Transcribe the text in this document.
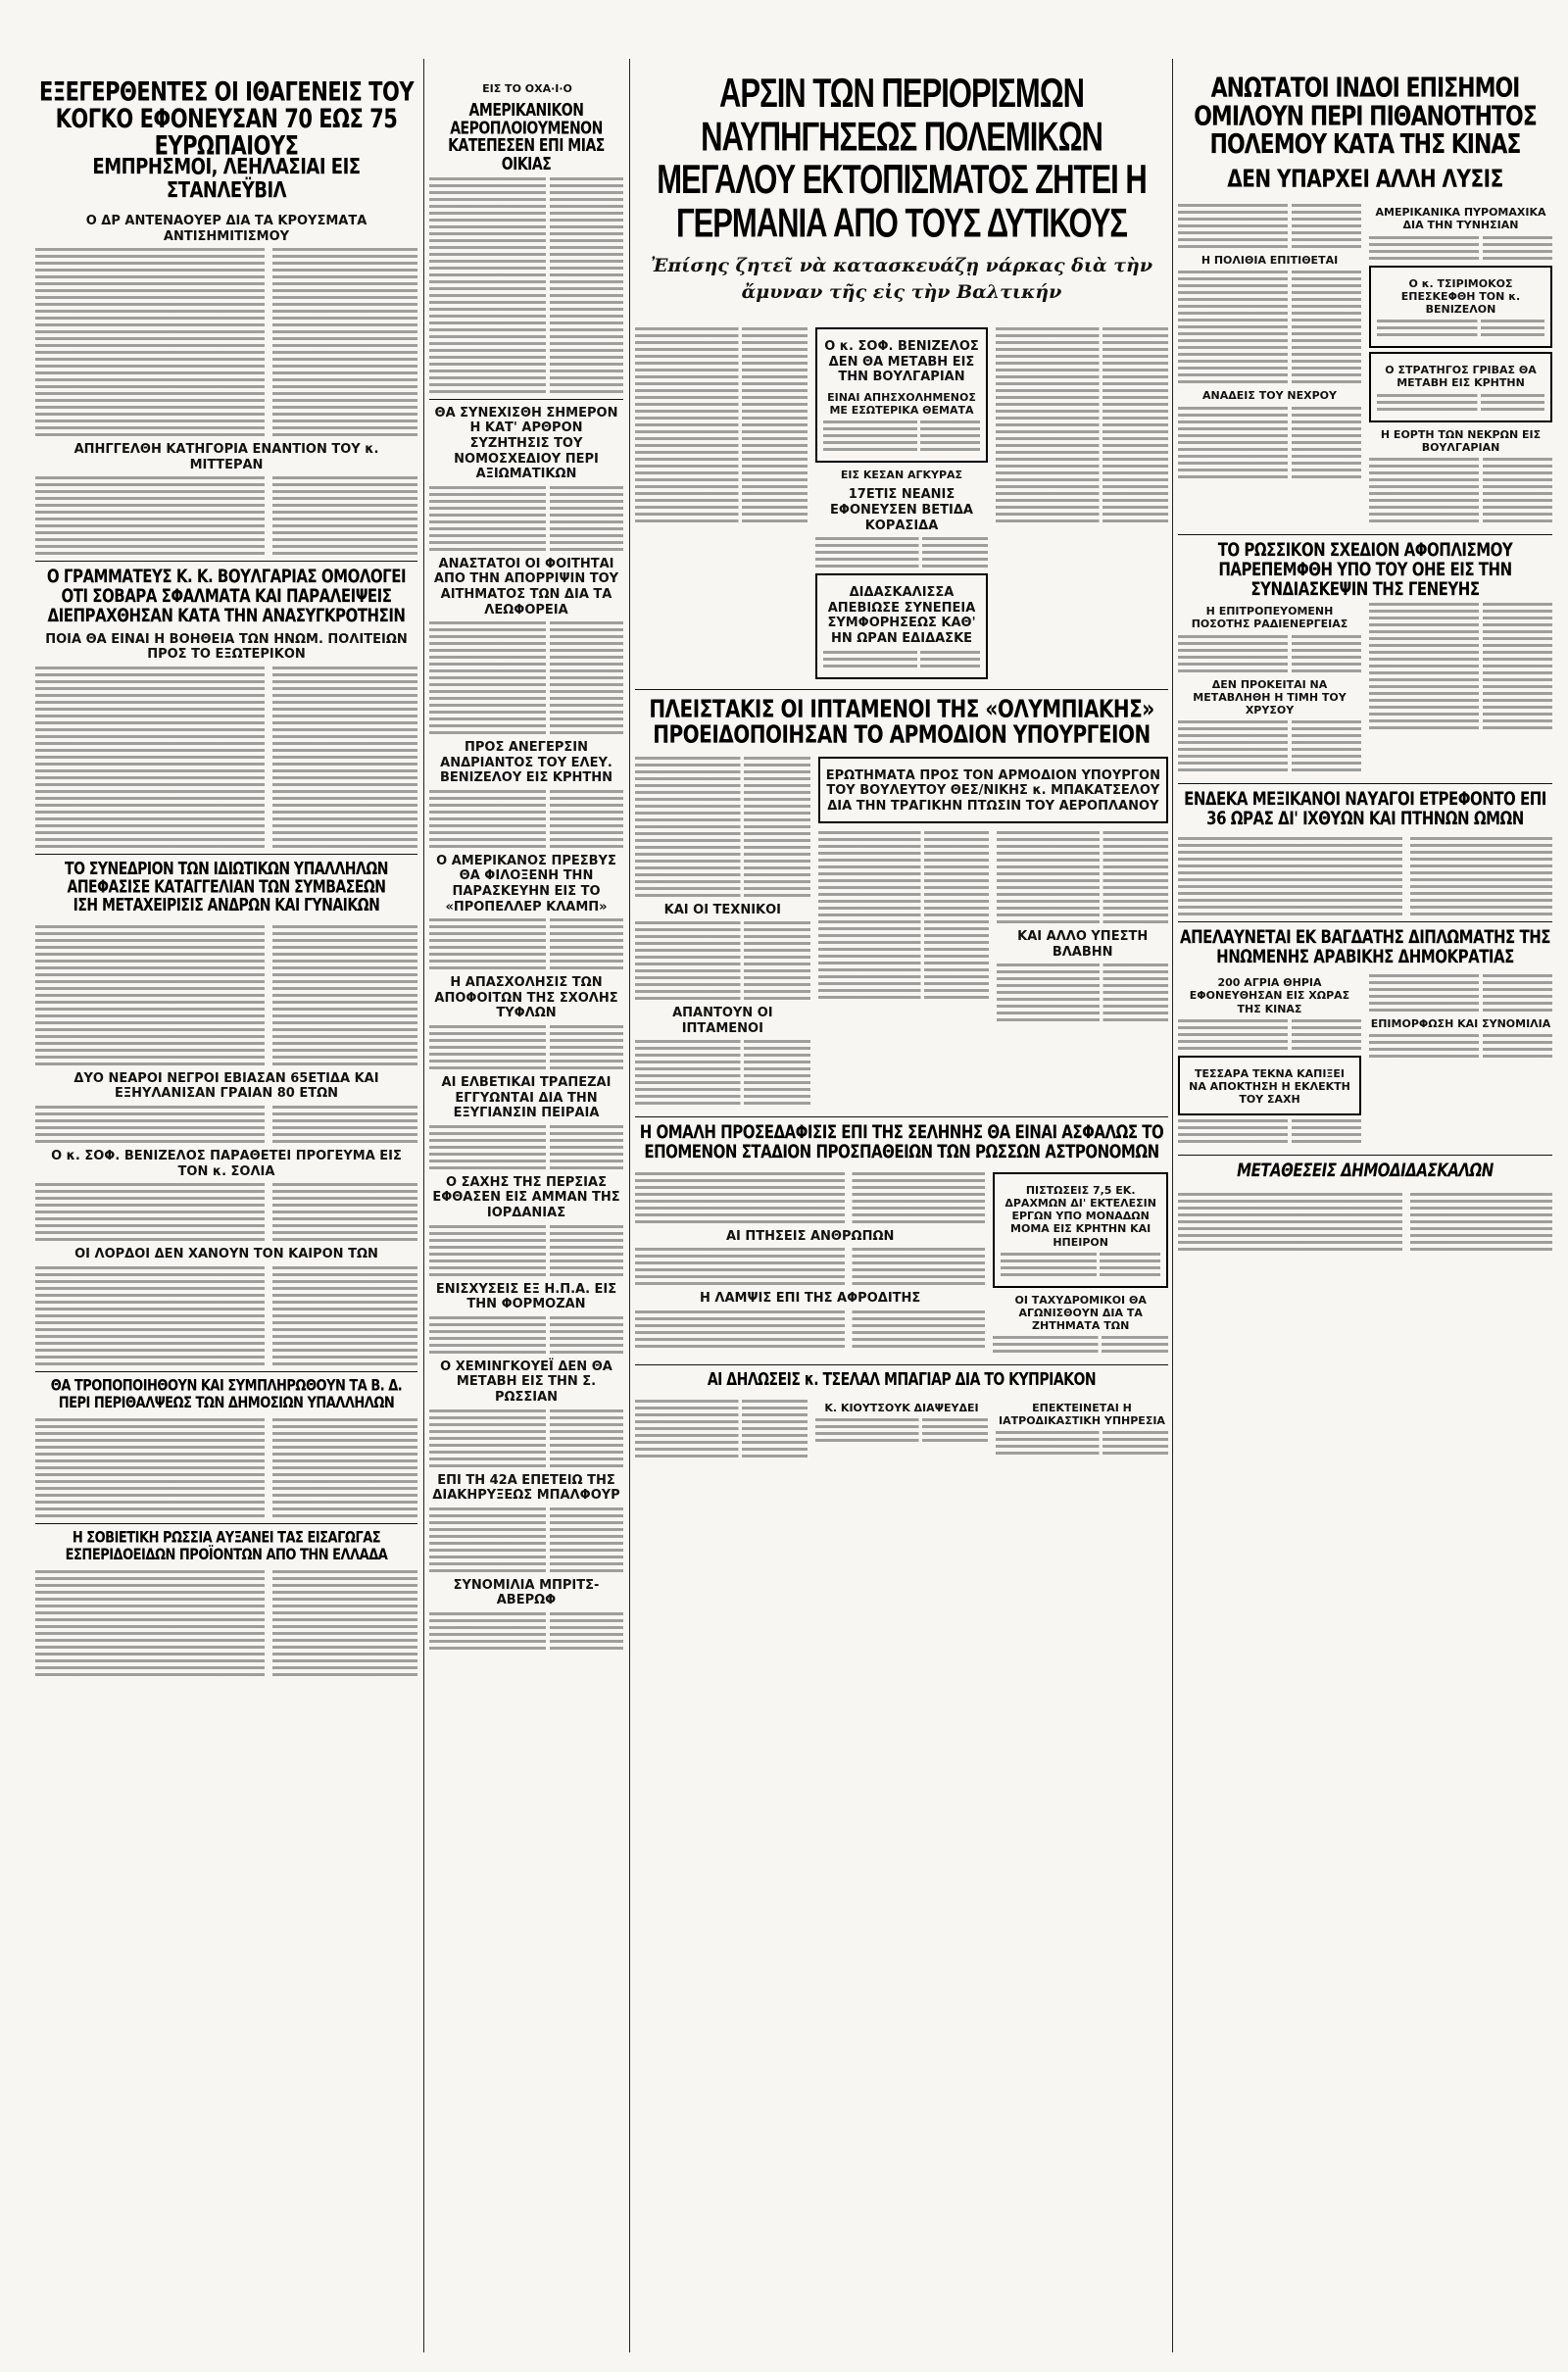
ΕΙΣ ΤΟ ΟΧΑ·Ι·Ο
ΕΞΕΓΕΡΘΕΝΤΕΣ ΟΙ ΙΘΑΓΕΝΕΙΣ ΤΟΥ ΚΟΓΚΟ ΕΦΟΝΕΥΣΑΝ 70 ΕΩΣ 75 ΕΥΡΩΠΑΙΟΥΣ
ΕΜΠΡΗΣΜΟΙ, ΛΕΗΛΑΣΙΑΙ ΕΙΣ ΣΤΑΝΛΕΫΒΙΛ
Ο ΔΡ ΑΝΤΕΝΑΟΥΕΡ ΔΙΑ ΤΑ ΚΡΟΥΣΜΑΤΑ ΑΝΤΙΣΗΜΙΤΙΣΜΟΥ
ΑΠΗΓΓΕΛΘΗ ΚΑΤΗΓΟΡΙΑ ΕΝΑΝΤΙΟΝ ΤΟΥ κ. ΜΙΤΤΕΡΑΝ
Ο ΓΡΑΜΜΑΤΕΥΣ Κ. Κ. ΒΟΥΛΓΑΡΙΑΣ ΟΜΟΛΟΓΕΙ ΟΤΙ ΣΟΒΑΡΑ ΣΦΑΛΜΑΤΑ ΚΑΙ ΠΑΡΑΛΕΙΨΕΙΣ ΔΙΕΠΡΑΧΘΗΣΑΝ ΚΑΤΑ ΤΗΝ ΑΝΑΣΥΓΚΡΟΤΗΣΙΝ
ΠΟΙΑ ΘΑ ΕΙΝΑΙ Η ΒΟΗΘΕΙΑ ΤΩΝ ΗΝΩΜ. ΠΟΛΙΤΕΙΩΝ ΠΡΟΣ ΤΟ ΕΞΩΤΕΡΙΚΟΝ
ΤΟ ΣΥΝΕΔΡΙΟΝ ΤΩΝ ΙΔΙΩΤΙΚΩΝ ΥΠΑΛΛΗΛΩΝ ΑΠΕΦΑΣΙΣΕ ΚΑΤΑΓΓΕΛΙΑΝ ΤΩΝ ΣΥΜΒΑΣΕΩΝ
ΙΣΗ ΜΕΤΑΧΕΙΡΙΣΙΣ ΑΝΔΡΩΝ ΚΑΙ ΓΥΝΑΙΚΩΝ
ΔΥΟ ΝΕΑΡΟΙ ΝΕΓΡΟΙ ΕΒΙΑΣΑΝ 65ΕΤΙΔΑ ΚΑΙ ΕΞΗΥΛΑΝΙΣΑΝ ΓΡΑΙΑΝ 80 ΕΤΩΝ
Ο κ. ΣΟΦ. ΒΕΝΙΖΕΛΟΣ ΠΑΡΑΘΕΤΕΙ ΠΡΟΓΕΥΜΑ ΕΙΣ ΤΟΝ κ. ΣΟΛΙΑ
ΟΙ ΛΟΡΔΟΙ ΔΕΝ ΧΑΝΟΥΝ ΤΟΝ ΚΑΙΡΟΝ ΤΩΝ
ΘΑ ΤΡΟΠΟΠΟΙΗΘΟΥΝ ΚΑΙ ΣΥΜΠΛΗΡΩΘΟΥΝ ΤΑ Β. Δ. ΠΕΡΙ ΠΕΡΙΘΑΛΨΕΩΣ ΤΩΝ ΔΗΜΟΣΙΩΝ ΥΠΑΛΛΗΛΩΝ
Η ΣΟΒΙΕΤΙΚΗ ΡΩΣΣΙΑ ΑΥΞΑΝΕΙ ΤΑΣ ΕΙΣΑΓΩΓΑΣ ΕΣΠΕΡΙΔΟΕΙΔΩΝ ΠΡΟΪΟΝΤΩΝ ΑΠΟ ΤΗΝ ΕΛΛΑΔΑ
ΑΜΕΡΙΚΑΝΙΚΟΝ ΑΕΡΟΠΛΟΙΟΥΜΕΝΟΝ ΚΑΤΕΠΕΣΕΝ ΕΠΙ ΜΙΑΣ ΟΙΚΙΑΣ
ΘΑ ΣΥΝΕΧΙΣΘΗ ΣΗΜΕΡΟΝ Η ΚΑΤ' ΑΡΘΡΟΝ ΣΥΖΗΤΗΣΙΣ ΤΟΥ ΝΟΜΟΣΧΕΔΙΟΥ ΠΕΡΙ ΑΞΙΩΜΑΤΙΚΩΝ
ΑΝΑΣΤΑΤΟΙ ΟΙ ΦΟΙΤΗΤΑΙ ΑΠΟ ΤΗΝ ΑΠΟΡΡΙΨΙΝ ΤΟΥ ΑΙΤΗΜΑΤΟΣ ΤΩΝ ΔΙΑ ΤΑ ΛΕΩΦΟΡΕΙΑ
ΠΡΟΣ ΑΝΕΓΕΡΣΙΝ ΑΝΔΡΙΑΝΤΟΣ ΤΟΥ ΕΛΕΥ. ΒΕΝΙΖΕΛΟΥ ΕΙΣ ΚΡΗΤΗΝ
Ο ΑΜΕΡΙΚΑΝΟΣ ΠΡΕΣΒΥΣ ΘΑ ΦΙΛΟΞΕΝΗ ΤΗΝ ΠΑΡΑΣΚΕΥΗΝ ΕΙΣ ΤΟ «ΠΡΟΠΕΛΛΕΡ ΚΛΑΜΠ»
Η ΑΠΑΣΧΟΛΗΣΙΣ ΤΩΝ ΑΠΟΦΟΙΤΩΝ ΤΗΣ ΣΧΟΛΗΣ ΤΥΦΛΩΝ
ΑΙ ΕΛΒΕΤΙΚΑΙ ΤΡΑΠΕΖΑΙ ΕΓΓΥΩΝΤΑΙ ΔΙΑ ΤΗΝ ΕΞΥΓΙΑΝΣΙΝ ΠΕΙΡΑΙΑ
Ο ΣΑΧΗΣ ΤΗΣ ΠΕΡΣΙΑΣ ΕΦΘΑΣΕΝ ΕΙΣ ΑΜΜΑΝ ΤΗΣ ΙΟΡΔΑΝΙΑΣ
ΕΝΙΣΧΥΣΕΙΣ ΕΞ Η.Π.Α. ΕΙΣ ΤΗΝ ΦΟΡΜΟΖΑΝ
Ο ΧΕΜΙΝΓΚΟΥΕΪ ΔΕΝ ΘΑ ΜΕΤΑΒΗ ΕΙΣ ΤΗΝ Σ. ΡΩΣΣΙΑΝ
ΕΠΙ ΤΗ 42Α ΕΠΕΤΕΙΩ ΤΗΣ ΔΙΑΚΗΡΥΞΕΩΣ ΜΠΑΛΦΟΥΡ
ΣΥΝΟΜΙΛΙΑ ΜΠΡΙΤΣ-ΑΒΕΡΩΦ
ΑΡΣΙΝ ΤΩΝ ΠΕΡΙΟΡΙΣΜΩΝ ΝΑΥΠΗΓΗΣΕΩΣ ΠΟΛΕΜΙΚΩΝ ΜΕΓΑΛΟΥ ΕΚΤΟΠΙΣΜΑΤΟΣ ΖΗΤΕΙ Η ΓΕΡΜΑΝΙΑ ΑΠΟ ΤΟΥΣ ΔΥΤΙΚΟΥΣ
Ἐπίσης ζητεῖ νὰ κατασκευάζῃ νάρκας διὰ τὴν ἄμυναν τῆς εἰς τὴν Βαλτικήν
Ο κ. ΣΟΦ. ΒΕΝΙΖΕΛΟΣ ΔΕΝ ΘΑ ΜΕΤΑΒΗ ΕΙΣ ΤΗΝ ΒΟΥΛΓΑΡΙΑΝ
ΕΙΝΑΙ ΑΠΗΣΧΟΛΗΜΕΝΟΣ ΜΕ ΕΣΩΤΕΡΙΚΑ ΘΕΜΑΤΑ
ΕΙΣ ΚΕΣΑΝ ΑΓΚΥΡΑΣ
17ΕΤΙΣ ΝΕΑΝΙΣ ΕΦΟΝΕΥΣΕΝ ΒΕΤΙΔΑ ΚΟΡΑΣΙΔΑ
ΔΙΔΑΣΚΑΛΙΣΣΑ ΑΠΕΒΙΩΣΕ ΣΥΝΕΠΕΙΑ ΣΥΜΦΟΡΗΣΕΩΣ ΚΑΘ' ΗΝ ΩΡΑΝ ΕΔΙΔΑΣΚΕ
ΠΛΕΙΣΤΑΚΙΣ ΟΙ ΙΠΤΑΜΕΝΟΙ ΤΗΣ «ΟΛΥΜΠΙΑΚΗΣ» ΠΡΟΕΙΔΟΠΟΙΗΣΑΝ ΤΟ ΑΡΜΟΔΙΟΝ ΥΠΟΥΡΓΕΙΟΝ
ΚΑΙ ΟΙ ΤΕΧΝΙΚΟΙ
ΑΠΑΝΤΟΥΝ ΟΙ ΙΠΤΑΜΕΝΟΙ
ΕΡΩΤΗΜΑΤΑ ΠΡΟΣ ΤΟΝ ΑΡΜΟΔΙΟΝ ΥΠΟΥΡΓΟΝ ΤΟΥ ΒΟΥΛΕΥΤΟΥ ΘΕΣ/ΝΙΚΗΣ κ. ΜΠΑΚΑΤΣΕΛΟΥ ΔΙΑ ΤΗΝ ΤΡΑΓΙΚΗΝ ΠΤΩΣΙΝ ΤΟΥ ΑΕΡΟΠΛΑΝΟΥ
ΚΑΙ ΑΛΛΟ ΥΠΕΣΤΗ ΒΛΑΒΗΝ
Η ΟΜΑΛΗ ΠΡΟΣΕΔΑΦΙΣΙΣ ΕΠΙ ΤΗΣ ΣΕΛΗΝΗΣ ΘΑ ΕΙΝΑΙ ΑΣΦΑΛΩΣ ΤΟ ΕΠΟΜΕΝΟΝ ΣΤΑΔΙΟΝ ΠΡΟΣΠΑΘΕΙΩΝ ΤΩΝ ΡΩΣΣΩΝ ΑΣΤΡΟΝΟΜΩΝ
ΑΙ ΠΤΗΣΕΙΣ ΑΝΘΡΩΠΩΝ
Η ΛΑΜΨΙΣ ΕΠΙ ΤΗΣ ΑΦΡΟΔΙΤΗΣ
ΠΙΣΤΩΣΕΙΣ 7,5 ΕΚ. ΔΡΑΧΜΩΝ ΔΙ' ΕΚΤΕΛΕΣΙΝ ΕΡΓΩΝ ΥΠΟ ΜΟΝΑΔΩΝ ΜΟΜΑ ΕΙΣ ΚΡΗΤΗΝ ΚΑΙ ΗΠΕΙΡΟΝ
ΟΙ ΤΑΧΥΔΡΟΜΙΚΟΙ ΘΑ ΑΓΩΝΙΣΘΟΥΝ ΔΙΑ ΤΑ ΖΗΤΗΜΑΤΑ ΤΩΝ
ΑΙ ΔΗΛΩΣΕΙΣ κ. ΤΣΕΛΑΛ ΜΠΑΓΙΑΡ ΔΙΑ ΤΟ ΚΥΠΡΙΑΚΟΝ
Κ. ΚΙΟΥΤΣΟΥΚ ΔΙΑΨΕΥΔΕΙ	ΕΠΕΚΤΕΙΝΕΤΑΙ Η ΙΑΤΡΟΔΙΚΑΣΤΙΚΗ ΥΠΗΡΕΣΙΑ
ΑΝΩΤΑΤΟΙ ΙΝΔΟΙ ΕΠΙΣΗΜΟΙ ΟΜΙΛΟΥΝ ΠΕΡΙ ΠΙΘΑΝΟΤΗΤΟΣ ΠΟΛΕΜΟΥ ΚΑΤΑ ΤΗΣ ΚΙΝΑΣ
ΔΕΝ ΥΠΑΡΧΕΙ ΑΛΛΗ ΛΥΣΙΣ
Η ΠΟΛΙΘΙΑ ΕΠΙΤΙΘΕΤΑΙ
ΑΝΑΔΕΙΣ ΤΟΥ ΝΕΧΡΟΥ
ΑΜΕΡΙΚΑΝΙΚΑ ΠΥΡΟΜΑΧΙΚΑ ΔΙΑ ΤΗΝ ΤΥΝΗΣΙΑΝ
Ο κ. ΤΣΙΡΙΜΟΚΟΣ ΕΠΕΣΚΕΦΘΗ ΤΟΝ κ. ΒΕΝΙΖΕΛΟΝ
Ο ΣΤΡΑΤΗΓΟΣ ΓΡΙΒΑΣ ΘΑ ΜΕΤΑΒΗ ΕΙΣ ΚΡΗΤΗΝ
Η ΕΟΡΤΗ ΤΩΝ ΝΕΚΡΩΝ ΕΙΣ ΒΟΥΛΓΑΡΙΑΝ
ΤΟ ΡΩΣΣΙΚΟΝ ΣΧΕΔΙΟΝ ΑΦΟΠΛΙΣΜΟΥ ΠΑΡΕΠΕΜΦΘΗ ΥΠΟ ΤΟΥ ΟΗΕ ΕΙΣ ΤΗΝ ΣΥΝΔΙΑΣΚΕΨΙΝ ΤΗΣ ΓΕΝΕΥΗΣ
Η ΕΠΙΤΡΟΠΕΥΟΜΕΝΗ ΠΟΣΟΤΗΣ ΡΑΔΙΕΝΕΡΓΕΙΑΣ
ΔΕΝ ΠΡΟΚΕΙΤΑΙ ΝΑ ΜΕΤΑΒΛΗΘΗ Η ΤΙΜΗ ΤΟΥ ΧΡΥΣΟΥ
ΕΝΔΕΚΑ ΜΕΞΙΚΑΝΟΙ ΝΑΥΑΓΟΙ ΕΤΡΕΦΟΝΤΟ ΕΠΙ 36 ΩΡΑΣ ΔΙ' ΙΧΘΥΩΝ ΚΑΙ ΠΤΗΝΩΝ ΩΜΩΝ
ΑΠΕΛΑΥΝΕΤΑΙ ΕΚ ΒΑΓΔΑΤΗΣ ΔΙΠΛΩΜΑΤΗΣ ΤΗΣ ΗΝΩΜΕΝΗΣ ΑΡΑΒΙΚΗΣ ΔΗΜΟΚΡΑΤΙΑΣ
200 ΑΓΡΙΑ ΘΗΡΙΑ ΕΦΟΝΕΥΘΗΣΑΝ ΕΙΣ ΧΩΡΑΣ ΤΗΣ ΚΙΝΑΣ
ΤΕΣΣΑΡΑ ΤΕΚΝΑ ΚΑΠΙΞΕΙ ΝΑ ΑΠΟΚΤΗΣΗ Η ΕΚΛΕΚΤΗ ΤΟΥ ΣΑΧΗ
ΕΠΙΜΟΡΦΩΣΗ ΚΑΙ ΣΥΝΟΜΙΛΙΑ
ΜΕΤΑΘΕΣΕΙΣ ΔΗΜΟΔΙΔΑΣΚΑΛΩΝ
